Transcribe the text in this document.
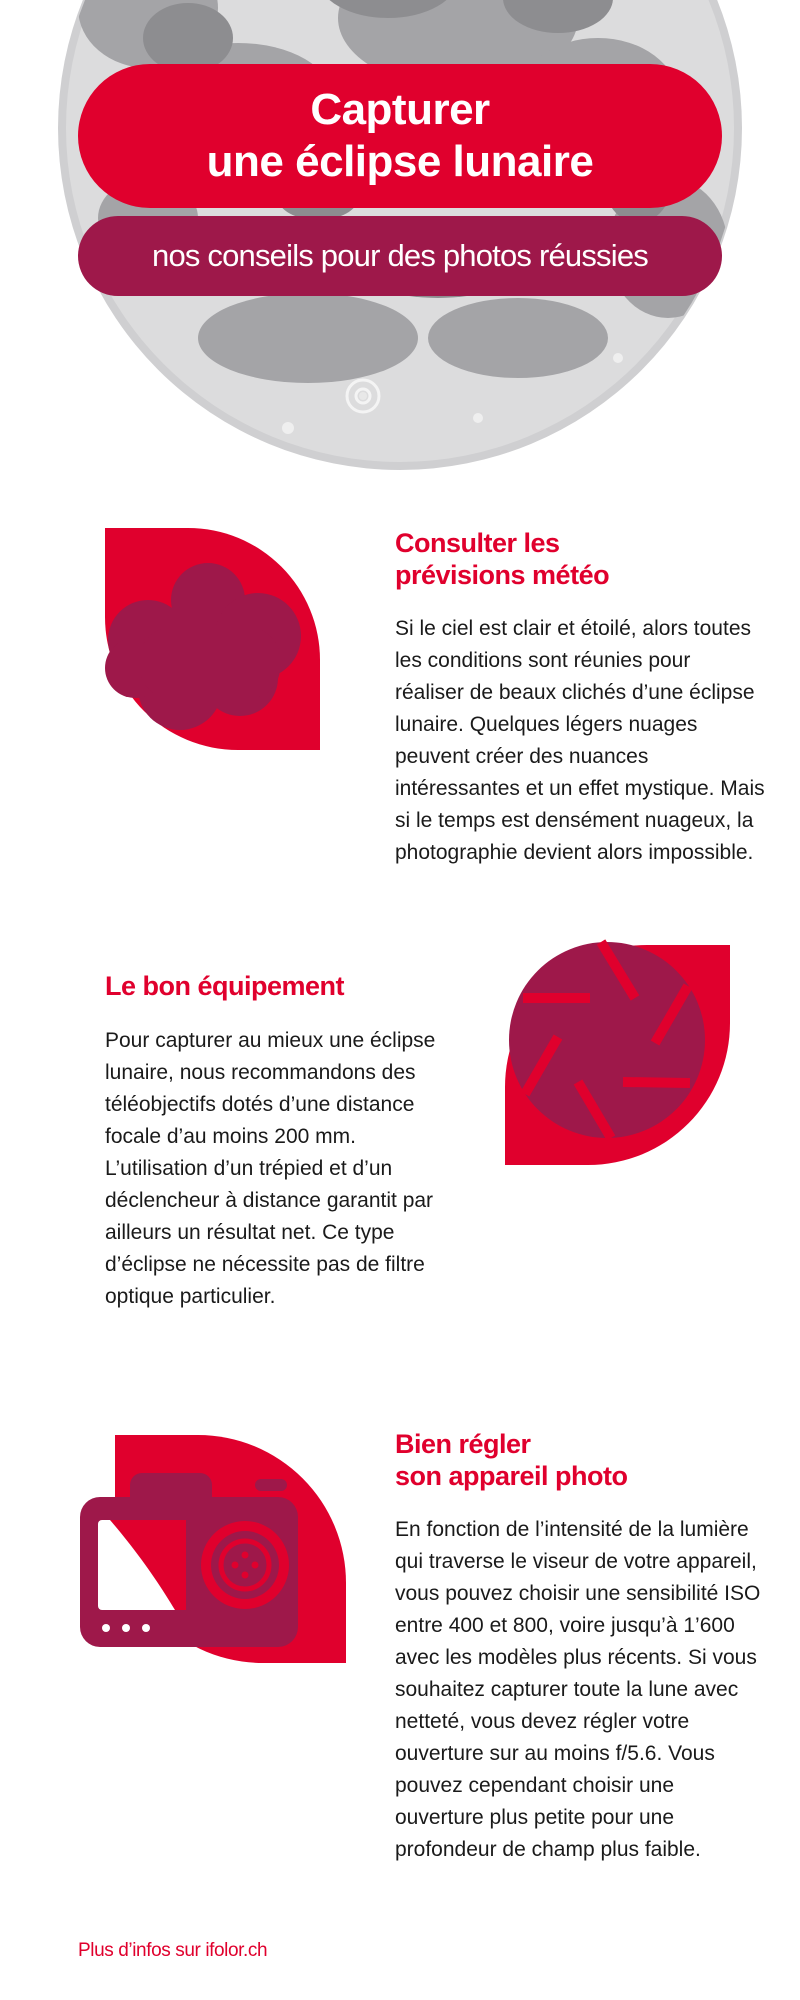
Capturer
une éclipse lunaire
nos conseils pour des photos réussies
Consulter les
prévisions météo

Si le ciel est clair et étoilé, alors toutes les conditions sont réunies pour réaliser de beaux clichés d’une éclipse lunaire. Quelques légers nuages peuvent créer des nuances intéressantes et un effet mystique. Mais si le temps est densément nuageux, la photographie devient alors impossible.

Le bon équipement

Pour capturer au mieux une éclipse lunaire, nous recommandons des téléobjectifs dotés d’une distance focale d’au moins 200 mm. L’utilisation d’un trépied et d’un déclencheur à distance garantit par ailleurs un résultat net. Ce type d’éclipse ne nécessite pas de filtre optique particulier.

Bien régler
son appareil photo

En fonction de l’intensité de la lumière qui traverse le viseur de votre appareil, vous pouvez choisir une sensibilité ISO entre 400 et 800, voire jusqu’à 1’600 avec les modèles plus récents. Si vous souhaitez capturer toute la lune avec netteté, vous devez régler votre ouverture sur au moins f/5.6. Vous pouvez cependant choisir une ouverture plus petite pour une profondeur de champ plus faible.

Plus d’infos sur ifolor.ch
